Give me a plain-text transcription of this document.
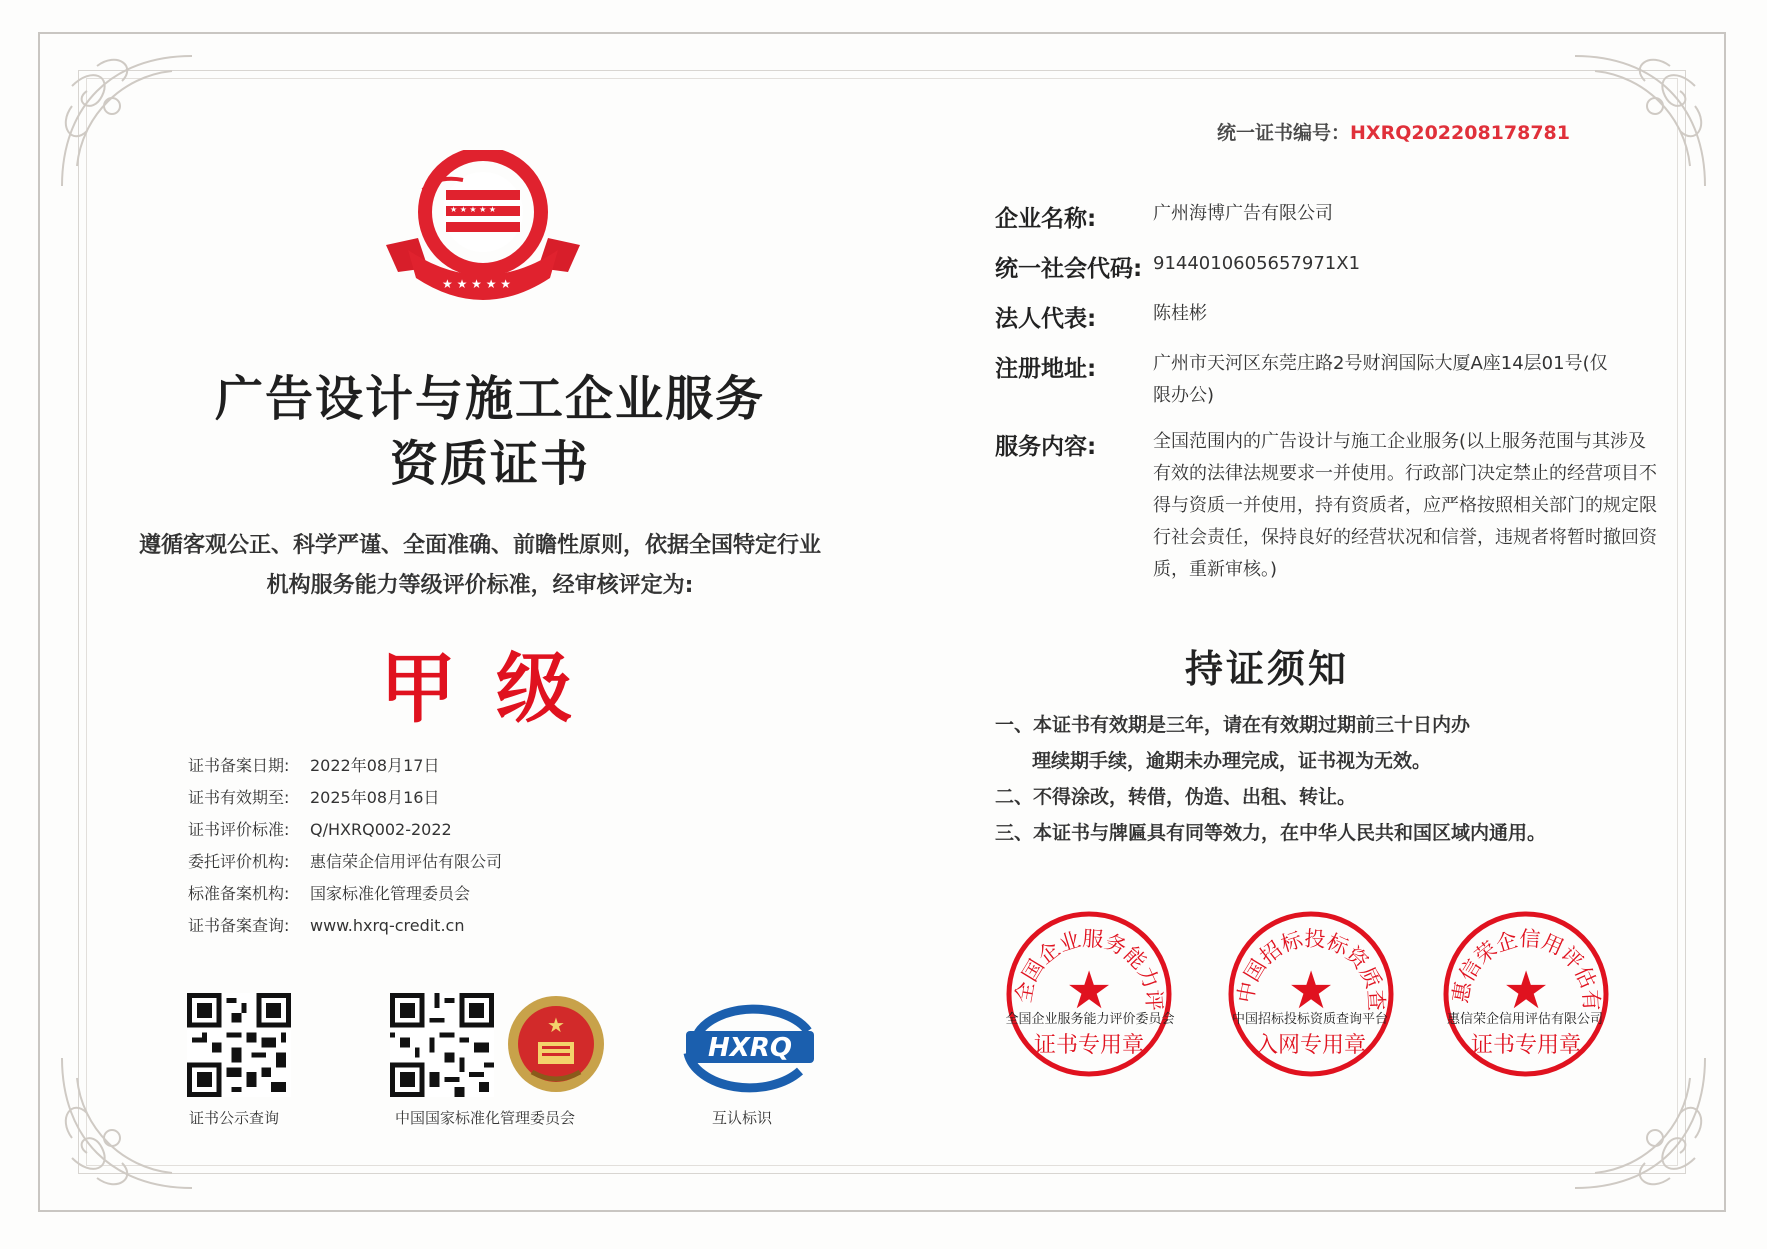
统一证书编号：HXRQ202208178781
★ ★ ★ ★ ★
★ ★ ★ ★ ★
广告设计与施工企业服务
资质证书
遵循客观公正、科学严谨、全面准确、前瞻性原则，依据全国特定行业
机构服务能力等级评价标准，经审核评定为:
甲级
证书备案日期: 2022年08月17日
证书有效期至: 2025年08月16日
证书评价标准: Q/HXRQ002-2022
委托评价机构: 惠信荣企信用评估有限公司
标准备案机构: 国家标准化管理委员会
证书备案查询: www.hxrq-credit.cn
证书公示查询	中国国家标准化管理委员会
★
HXRQ
互认标识
企业名称:	广州海博广告有限公司
统一社会代码: 9144010605657971X1
法人代表:	陈桂彬
注册地址:	广州市天河区东莞庄路2号财润国际大厦A座14层01号(仅限办公)
服务内容:	全国范围内的广告设计与施工企业服务(以上服务范围与其涉及有效的法律法规要求一并使用。行政部门决定禁止的经营项目不得与资质一并使用，持有资质者，应严格按照相关部门的规定限行社会责任，保持良好的经营状况和信誉，违规者将暂时撤回资质，重新审核。)
持证须知
一、本证书有效期是三年，请在有效期过期前三十日内办
理续期手续，逾期未办理完成，证书视为无效。
二、不得涂改，转借，伪造、出租、转让。
三、本证书与牌匾具有同等效力，在中华人民共和国区域内通用。
全国企业服务能力评
★
全国企业服务能力评价委员会
证书专用章
中国招标投标资质查
★
中国招标投标资质查询平台
入网专用章
惠信荣企信用评估有
★
惠信荣企信用评估有限公司
证书专用章
